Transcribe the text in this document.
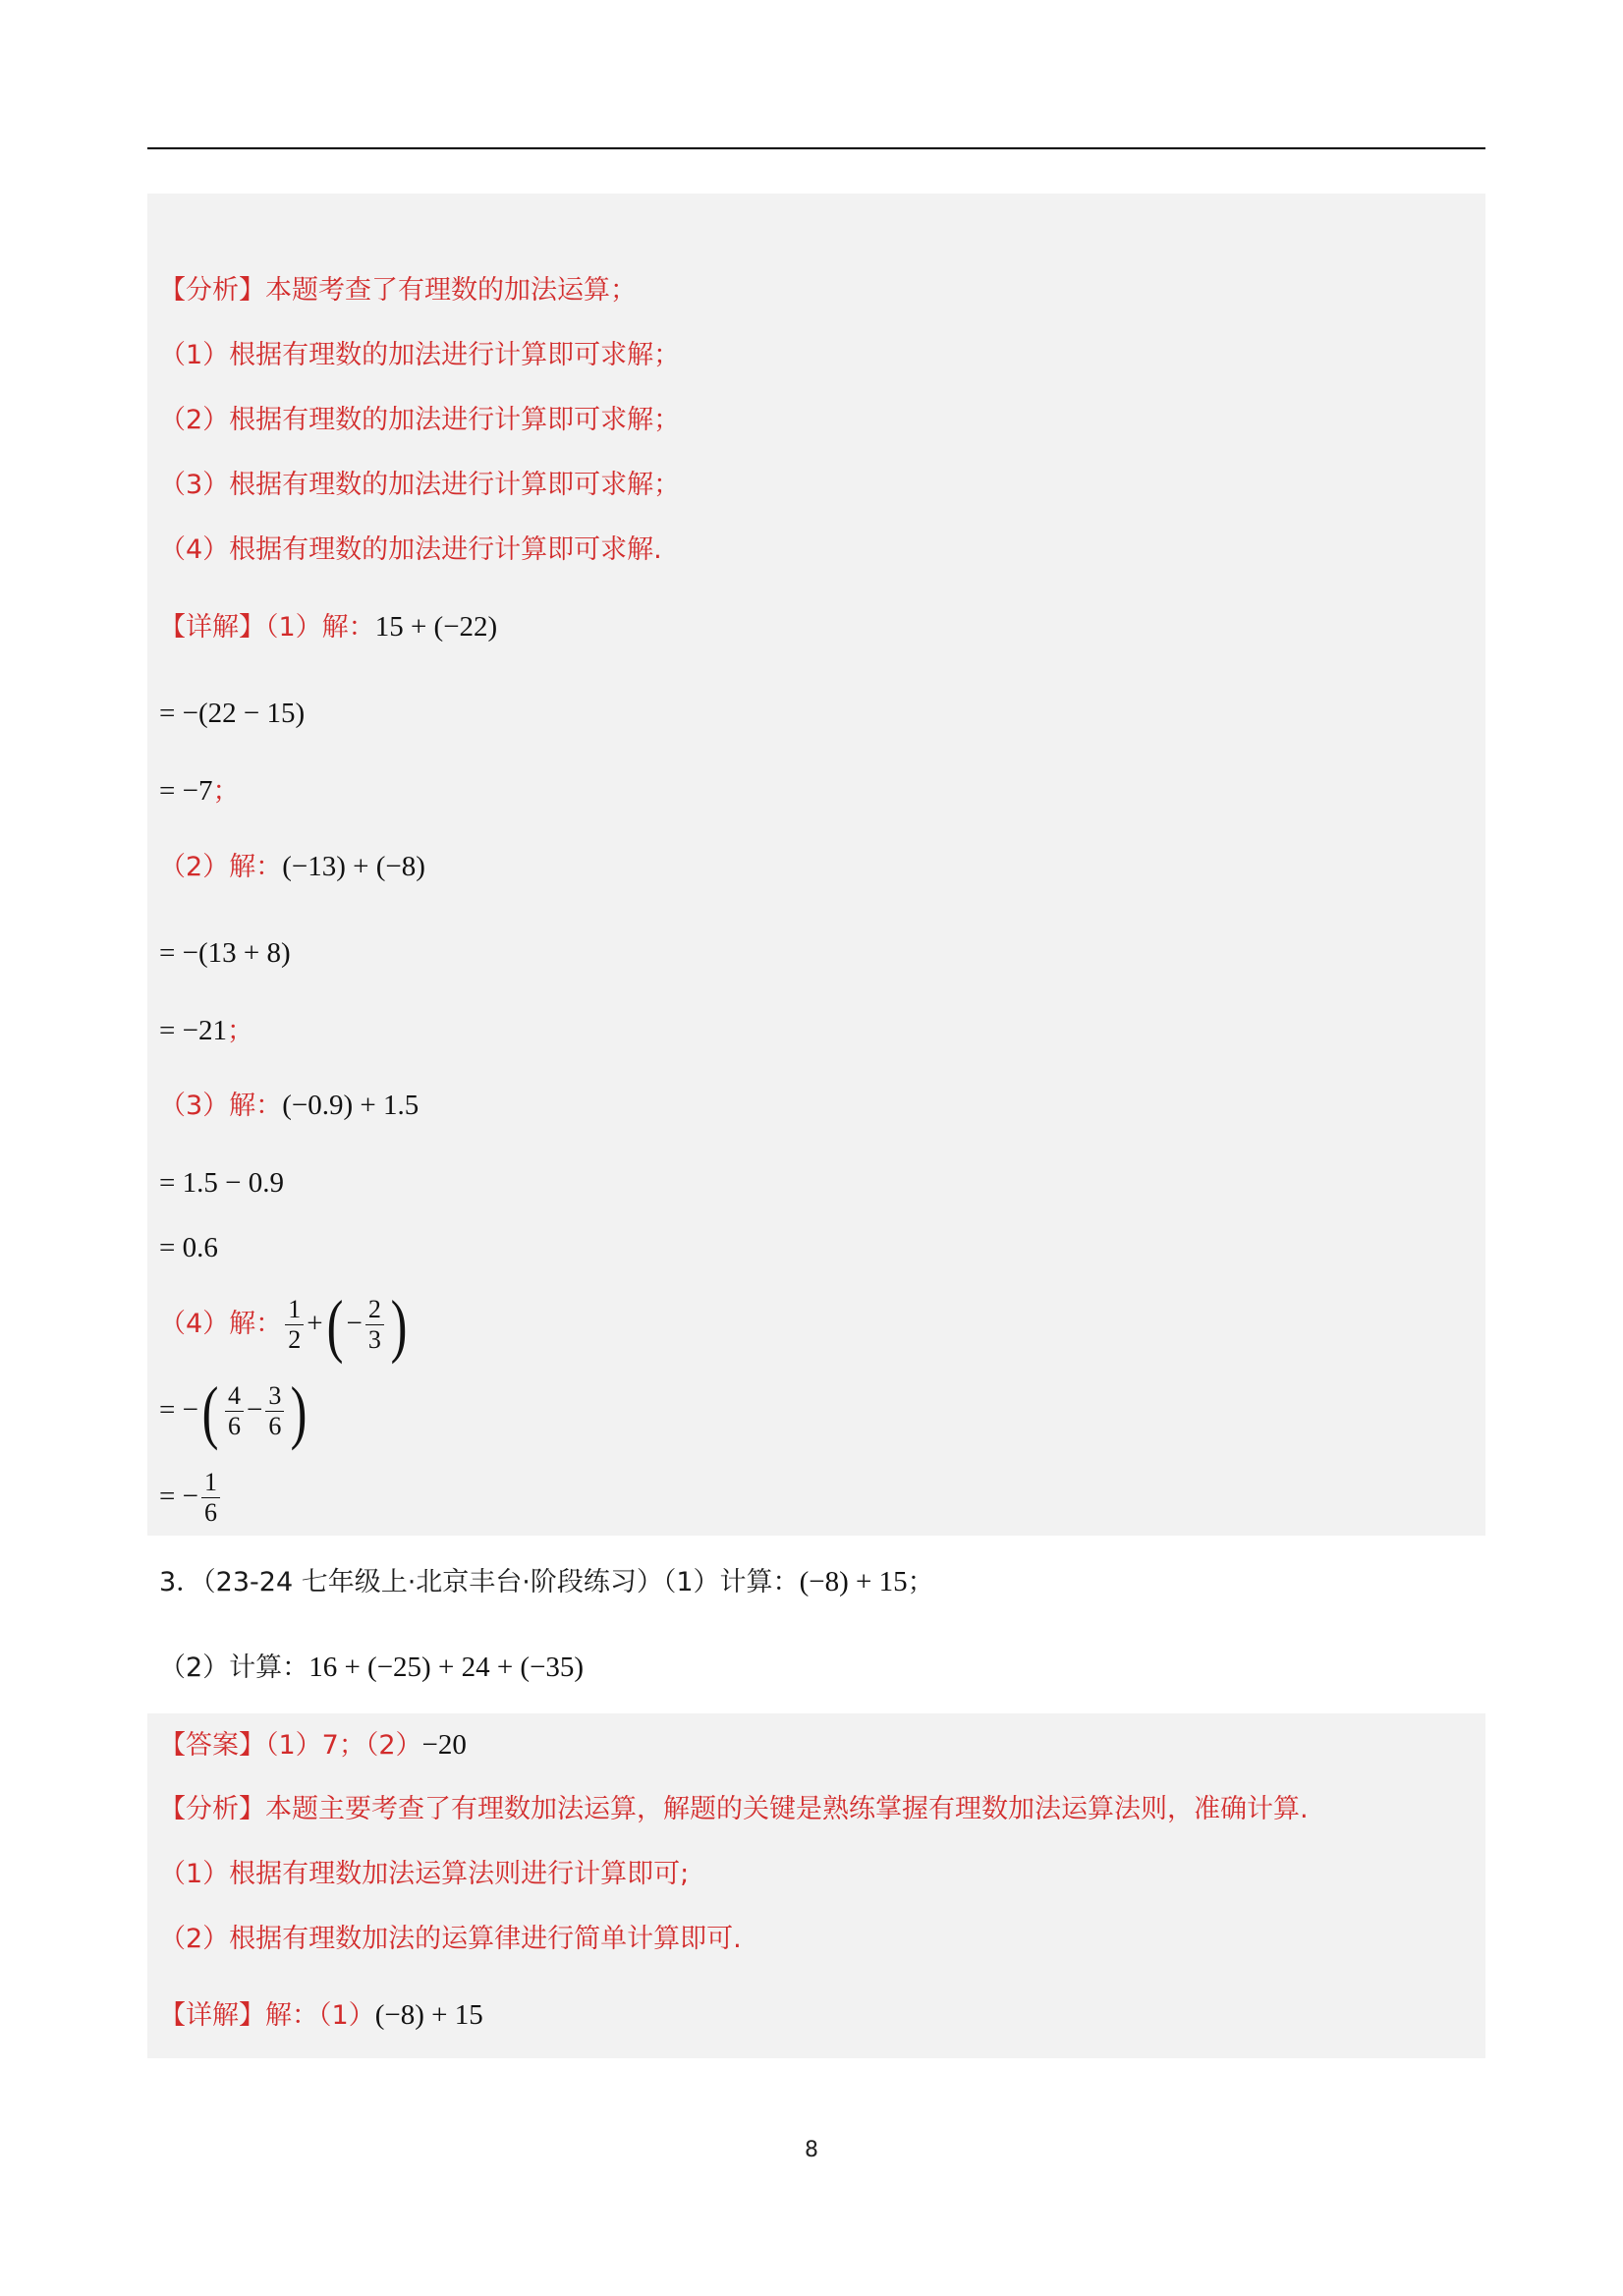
【分析】本题考查了有理数的加法运算；
（1）根据有理数的加法进行计算即可求解；
（2）根据有理数的加法进行计算即可求解；
（3）根据有理数的加法进行计算即可求解；
（4）根据有理数的加法进行计算即可求解.
【详解】（1）解：15 + (−22)
= −(22 − 15)
= −7；
（2）解：(−13) + (−8)
= −(13 + 8)
= −21；
（3）解：(−0.9) + 1.5
= 1.5 − 0.9
= 0.6
（4）解： $\frac{1}{2}$ +( − $\frac{2}{3}$ )
= −( $\frac{4}{6} - \frac{3}{6}$ )
= − $\frac{1}{6}$
3．（23-24 七年级上·北京丰台·阶段练习）（1）计算：(−8) + 15；
（2）计算：16 + (−25) + 24 + (−35)
【答案】（1）7；（2）−20
【分析】本题主要考查了有理数加法运算，解题的关键是熟练掌握有理数加法运算法则，准确计算.
（1）根据有理数加法运算法则进行计算即可;
（2）根据有理数加法的运算律进行简单计算即可.
【详解】解：（1）(−8) + 15
8
